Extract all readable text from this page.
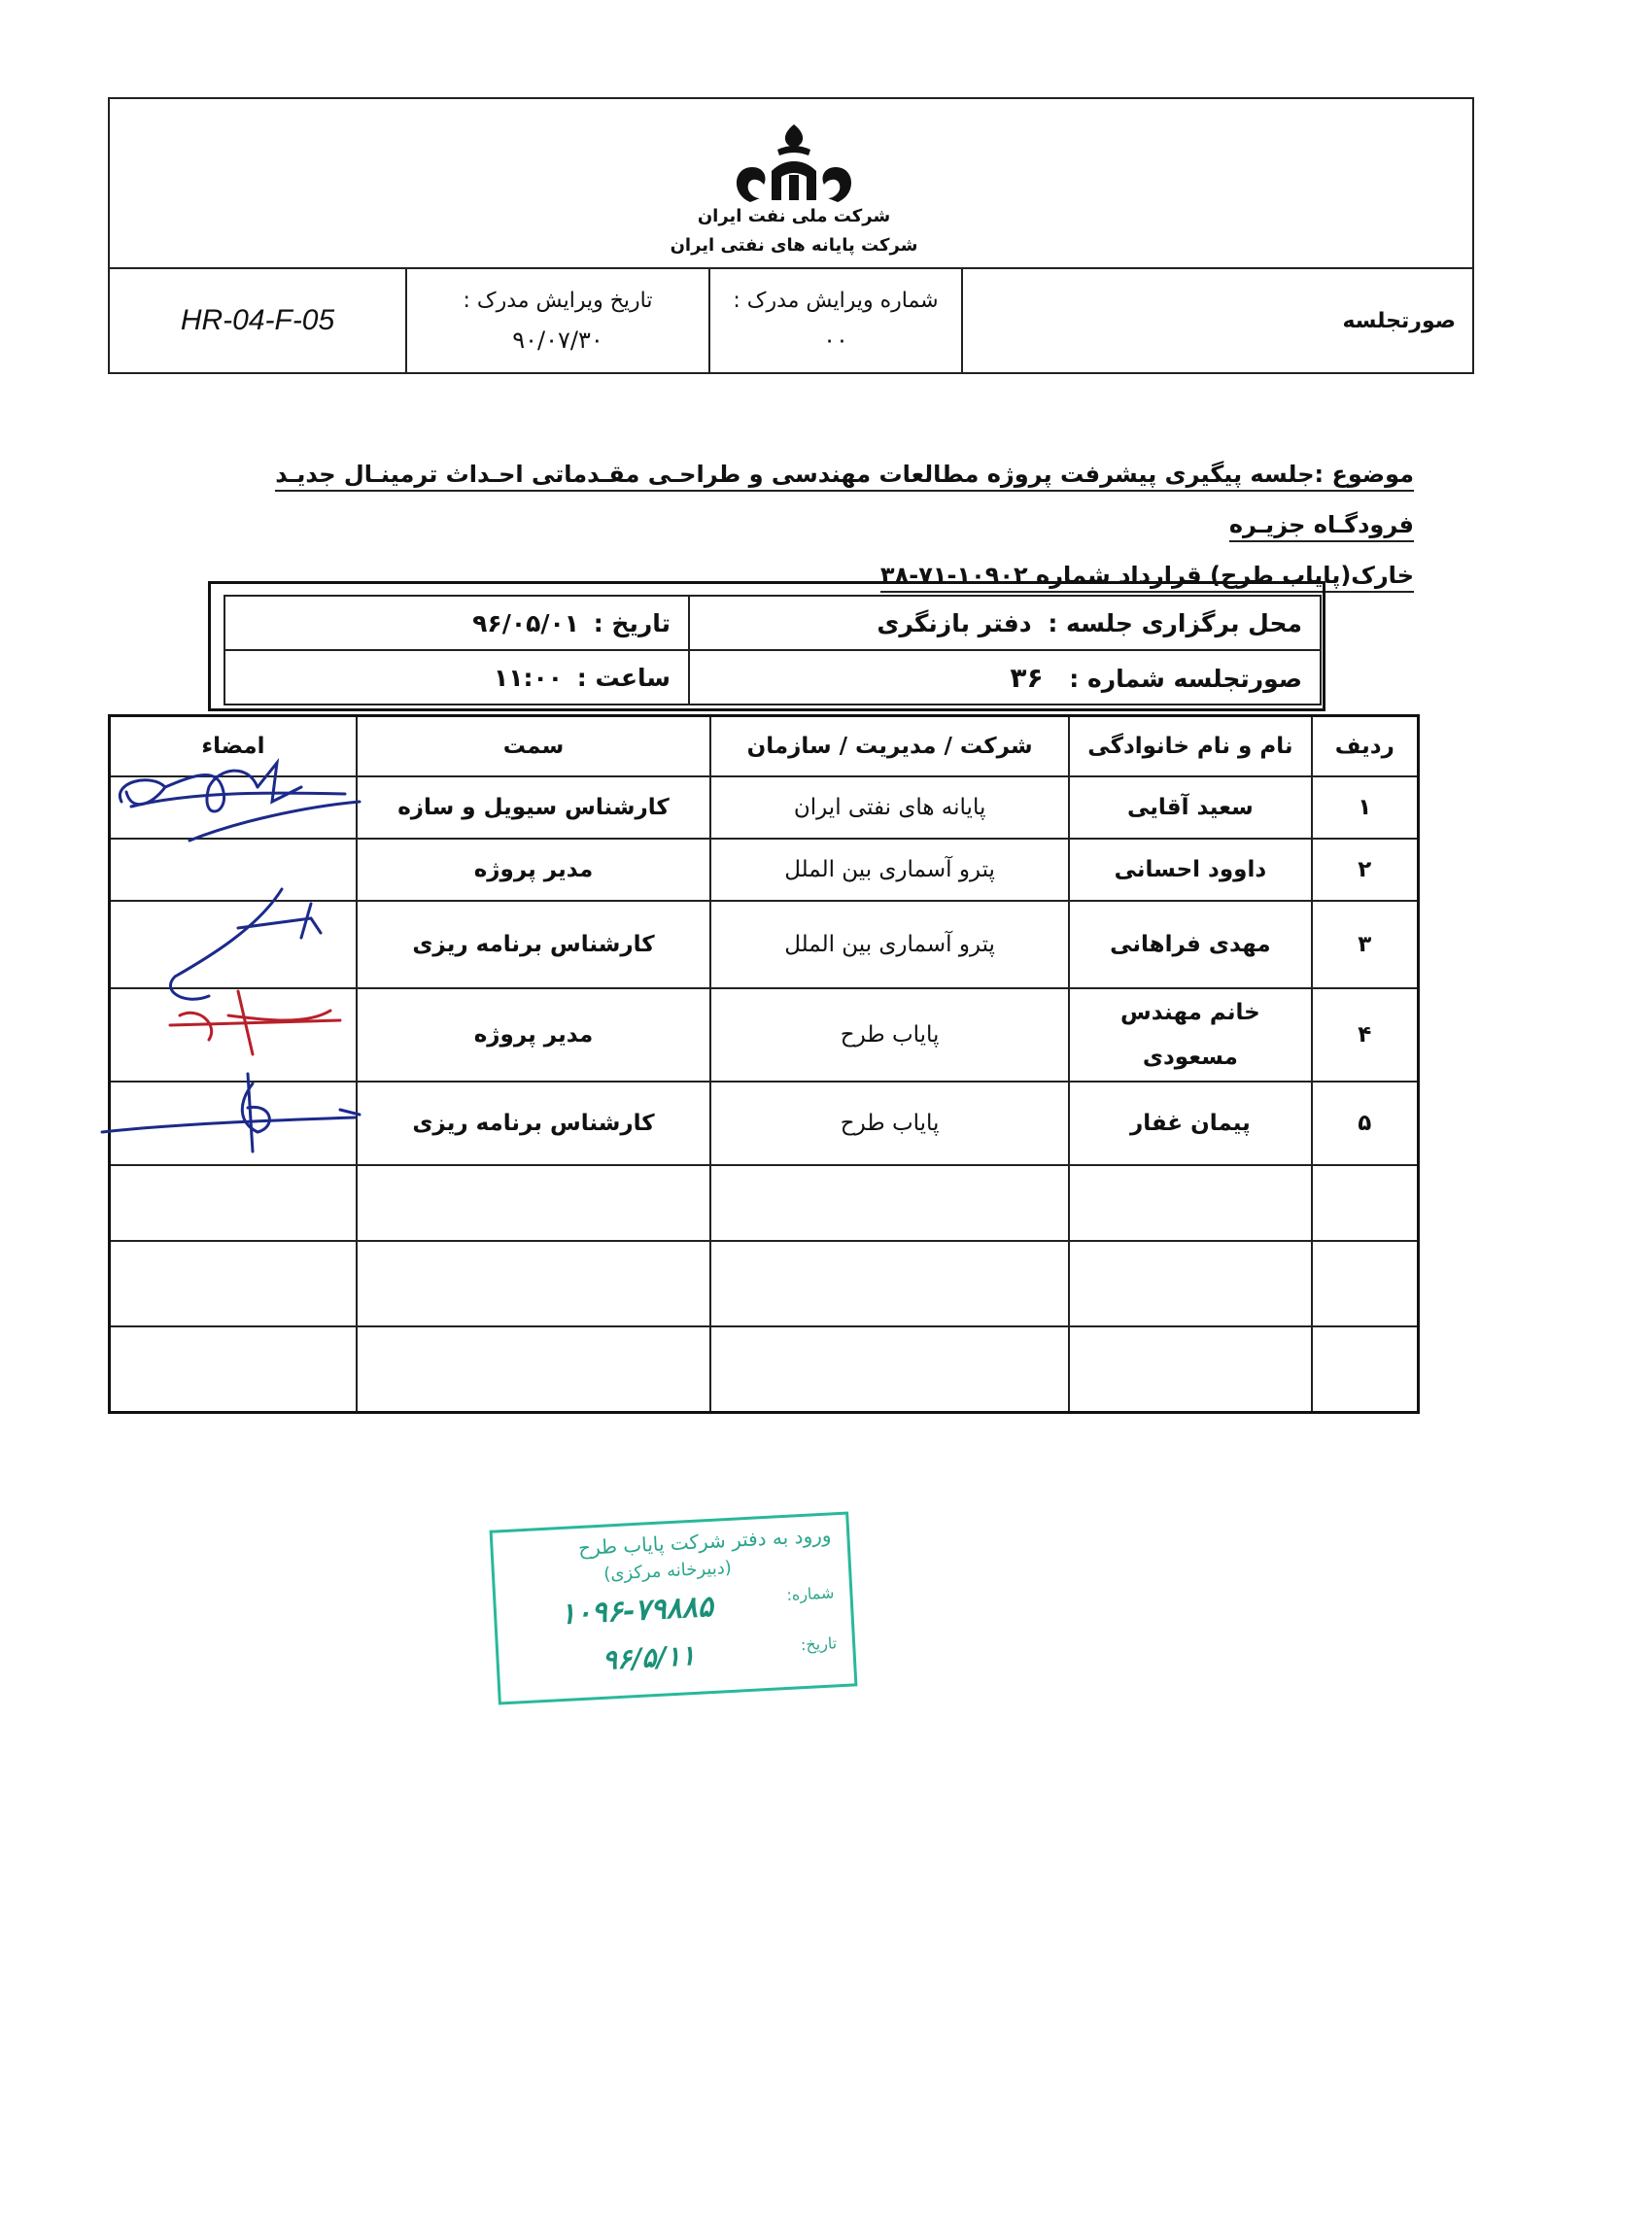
شرکت ملی نفت ایران
شرکت پایانه های نفتی ایران
HR-04-F-05

تاریخ ویرایش مدرک :
۹۰/۰۷/۳۰

شماره ویرایش مدرک :
۰۰

صورتجلسه
موضوع :جلسه پیگیری پیشرفت پروژه مطالعات مهندسی و طراحـی مقـدماتی احـداث ترمینـال جدیـد فرودگـاه جزیـره
خارک(پایاب طرح) قرارداد شماره ۱۰۹۰۲-۷۱-۳۸
محل برگزاری جلسه : دفتر بازنگری	تاریخ : ۹۶/۰۵/۰۱
صورتجلسه شماره : ۳۶	ساعت : ۱۱:۰۰
ردیف	نام و نام خانوادگی	شرکت / مدیریت / سازمان	سمت	امضاء
۱	سعید آقایی	پایانه های نفتی ایران	کارشناس سیویل و سازه	
۲	داوود احسانی	پترو آسماری بین الملل	مدیر پروژه	
۳	مهدی فراهانی	پترو آسماری بین الملل	کارشناس برنامه ریزی	
۴	خانم مهندس مسعودی	پایاب طرح	مدیر پروژه	
۵	پیمان غفار	پایاب طرح	کارشناس برنامه ریزی	

ورود به دفتر شرکت پایاب طرح
(دبیرخانه مرکزی)
شماره:
۱۰۹۶-۷۹۸۸۵
تاریخ:
۹۶/۵/۱۱
